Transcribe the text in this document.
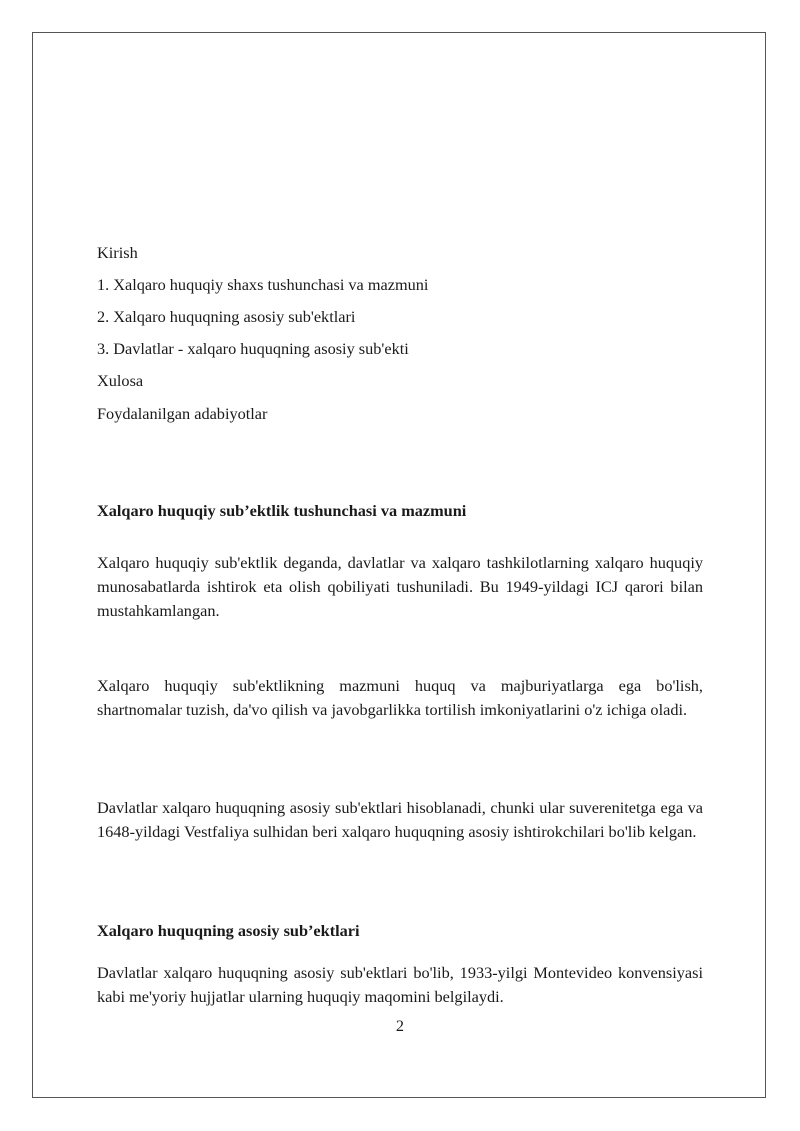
Kirish
1. Xalqaro huquqiy shaxs tushunchasi va mazmuni
2. Xalqaro huquqning asosiy sub'ektlari
3. Davlatlar - xalqaro huquqning asosiy sub'ekti
Xulosa
Foydalanilgan adabiyotlar
Xalqaro huquqiy sub’ektlik tushunchasi va mazmuni
Xalqaro huquqiy sub'ektlik deganda, davlatlar va xalqaro tashkilotlarning xalqaro huquqiy munosabatlarda ishtirok eta olish qobiliyati tushuniladi. Bu 1949-yildagi ICJ qarori bilan mustahkamlangan.
Xalqaro huquqiy sub'ektlikning mazmuni huquq va majburiyatlarga ega bo'lish, shartnomalar tuzish, da'vo qilish va javobgarlikka tortilish imkoniyatlarini o'z ichiga oladi.
Davlatlar xalqaro huquqning asosiy sub'ektlari hisoblanadi, chunki ular suverenitetga ega va 1648-yildagi Vestfaliya sulhidan beri xalqaro huquqning asosiy ishtirokchilari bo'lib kelgan.
Xalqaro huquqning asosiy sub’ektlari
Davlatlar xalqaro huquqning asosiy sub'ektlari bo'lib, 1933-yilgi Montevideo konvensiyasi kabi me'yoriy hujjatlar ularning huquqiy maqomini belgilaydi.
2
